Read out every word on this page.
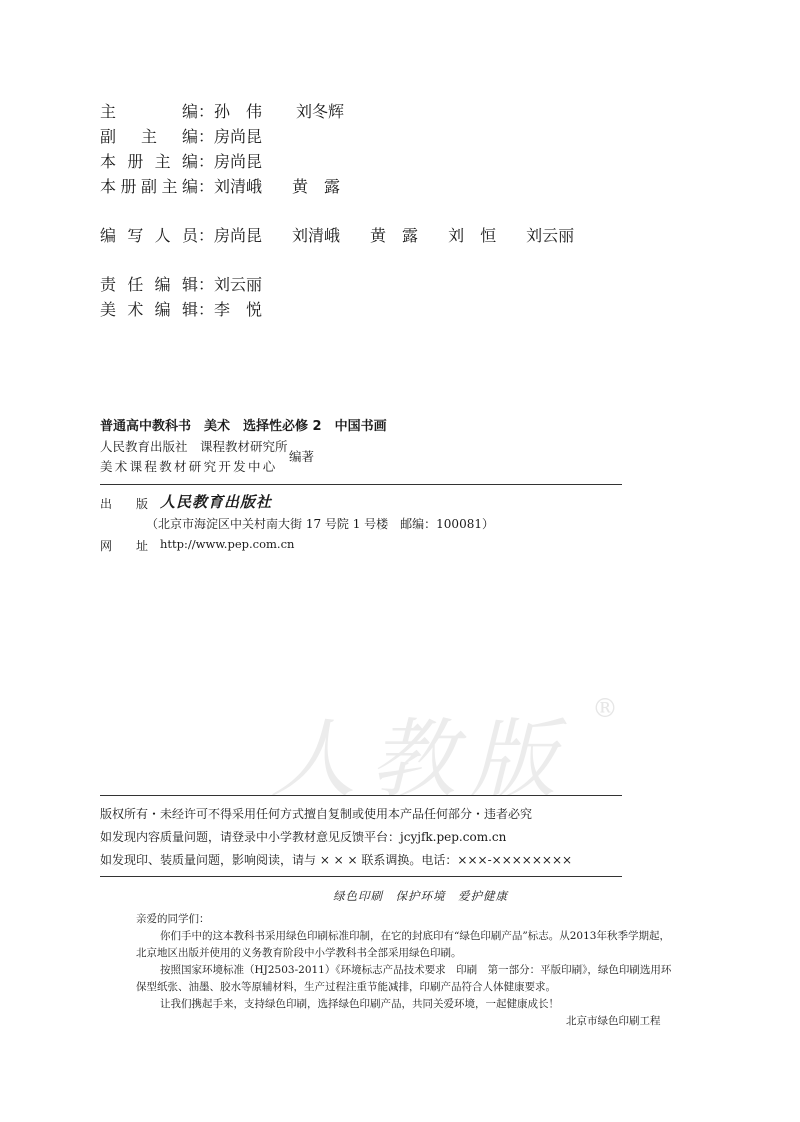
主　　编：孙　伟 刘冬辉
副　主　编：房尚昆
本册主编：房尚昆
本册副主编：刘清峨 黄　露
编写人员：房尚昆 刘清峨 黄　露 刘　恒 刘云丽
责任编辑：刘云丽
美术编辑：李　悦
普通高中教科书　美术　选择性必修 2　中国书画
人民教育出版社　课程教材研究所
美术课程教材研究开发中心
编著
出　　版 人民教育出版社
（北京市海淀区中关村南大街 17 号院 1 号楼　邮编：100081）
网　　址 http://www.pep.com.cn
人教版
®
版权所有・未经许可不得采用任何方式擅自复制或使用本产品任何部分・违者必究
如发现内容质量问题，请登录中小学教材意见反馈平台：jcyjfk.pep.com.cn
如发现印、装质量问题，影响阅读，请与 × × × 联系调换。电话：×××-××××××××
绿色印刷　保护环境　爱护健康
亲爱的同学们：
你们手中的这本教科书采用绿色印刷标准印制，在它的封底印有“绿色印刷产品”标志。从2013年秋季学期起，
北京地区出版并使用的义务教育阶段中小学教科书全部采用绿色印刷。
按照国家环境标准（HJ2503-2011）《环境标志产品技术要求　印刷　第一部分：平版印刷》，绿色印刷选用环
保型纸张、油墨、胶水等原辅材料，生产过程注重节能减排，印刷产品符合人体健康要求。
让我们携起手来，支持绿色印刷，选择绿色印刷产品，共同关爱环境，一起健康成长！
北京市绿色印刷工程
